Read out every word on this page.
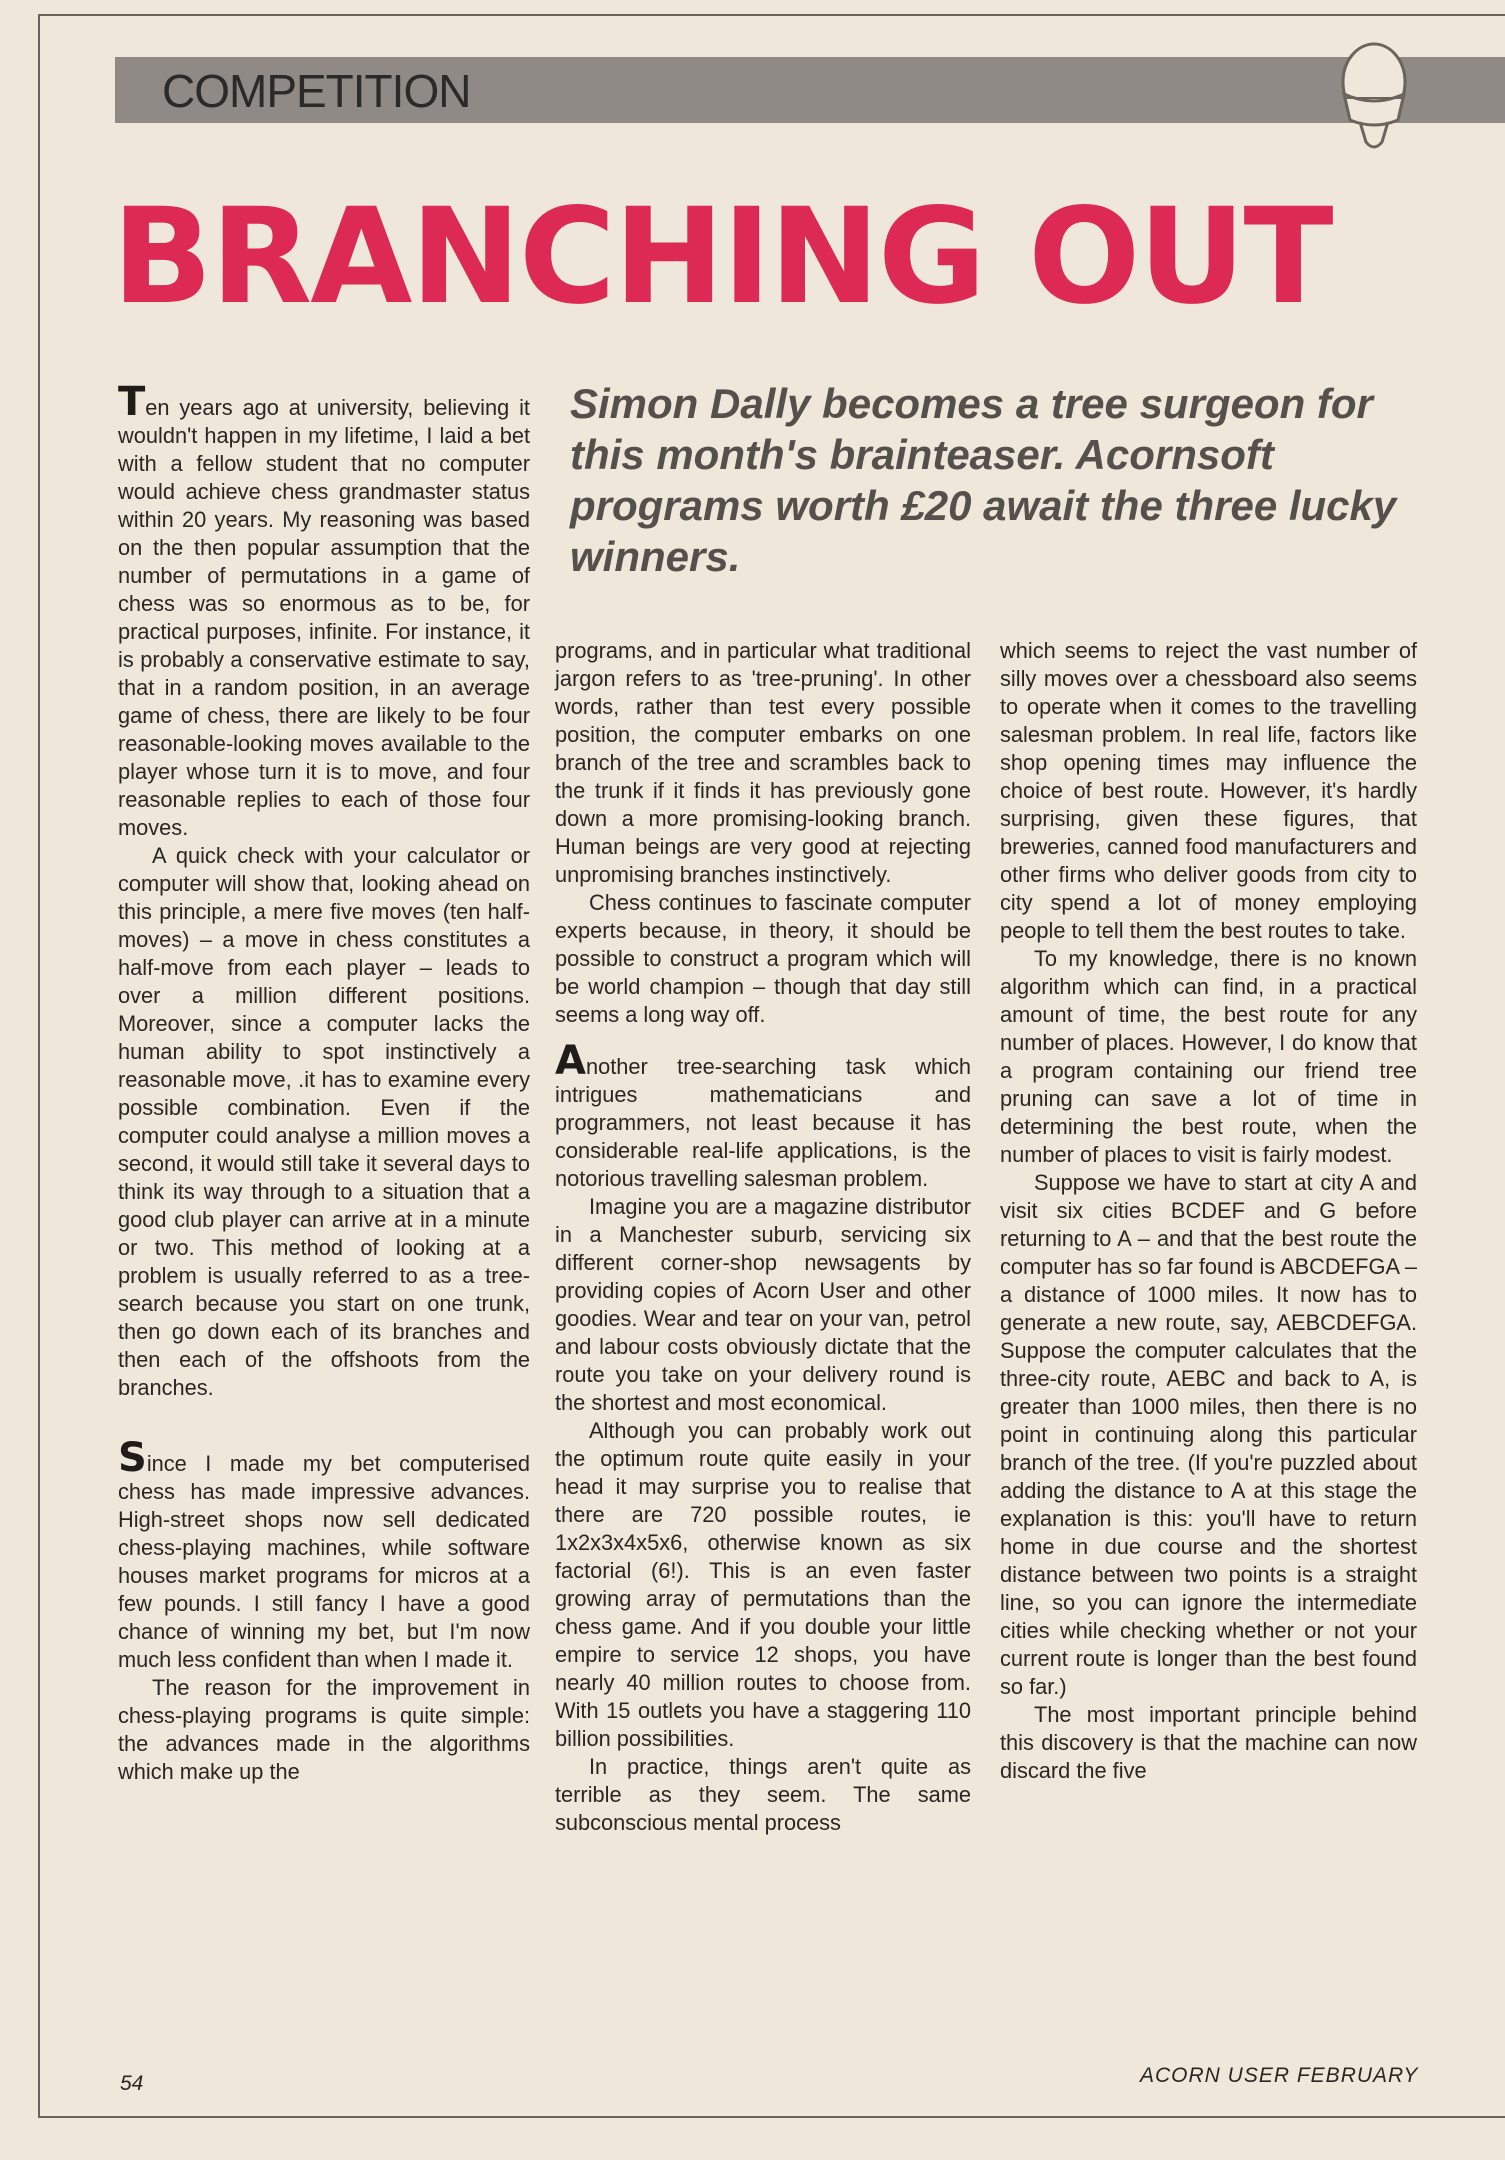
COMPETITION
BRANCHING OUT

Simon Dally becomes a tree surgeon for this month's brainteaser. Acornsoft programs worth £20 await the three lucky winners.

Ten years ago at university, believing it wouldn't happen in my lifetime, I laid a bet with a fellow student that no computer would achieve chess grandmaster status within 20 years. My reasoning was based on the then popular assumption that the number of permutations in a game of chess was so enormous as to be, for practical purposes, infinite. For instance, it is probably a conservative estimate to say, that in a random position, in an average game of chess, there are likely to be four reasonable-looking moves available to the player whose turn it is to move, and four reasonable replies to each of those four moves.

A quick check with your calculator or computer will show that, looking ahead on this principle, a mere five moves (ten half-moves) – a move in chess constitutes a half-move from each player – leads to over a million different positions. Moreover, since a computer lacks the human ability to spot instinctively a reasonable move, .it has to examine every possible combination. Even if the computer could analyse a million moves a second, it would still take it several days to think its way through to a situation that a good club player can arrive at in a minute or two. This method of looking at a problem is usually referred to as a tree-search because you start on one trunk, then go down each of its branches and then each of the offshoots from the branches.

Since I made my bet computerised chess has made impressive advances. High-street shops now sell dedicated chess-playing machines, while software houses market programs for micros at a few pounds. I still fancy I have a good chance of winning my bet, but I'm now much less confident than when I made it.

The reason for the improvement in chess-playing programs is quite simple: the advances made in the algorithms which make up the

programs, and in particular what traditional jargon refers to as 'tree-pruning'. In other words, rather than test every possible position, the computer embarks on one branch of the tree and scrambles back to the trunk if it finds it has previously gone down a more promising-looking branch. Human beings are very good at rejecting unpromising branches instinctively.

Chess continues to fascinate computer experts because, in theory, it should be possible to construct a program which will be world champion – though that day still seems a long way off.

Another tree-searching task which intrigues mathematicians and programmers, not least because it has considerable real-life applications, is the notorious travelling salesman problem.

Imagine you are a magazine distributor in a Manchester suburb, servicing six different corner-shop newsagents by providing copies of Acorn User and other goodies. Wear and tear on your van, petrol and labour costs obviously dictate that the route you take on your delivery round is the shortest and most economical.

Although you can probably work out the optimum route quite easily in your head it may surprise you to realise that there are 720 possible routes, ie 1x2x3x4x5x6, otherwise known as six factorial (6!). This is an even faster growing array of permutations than the chess game. And if you double your little empire to service 12 shops, you have nearly 40 million routes to choose from. With 15 outlets you have a staggering 110 billion possibilities.

In practice, things aren't quite as terrible as they seem. The same subconscious mental process

which seems to reject the vast number of silly moves over a chessboard also seems to operate when it comes to the travelling salesman problem. In real life, factors like shop opening times may influence the choice of best route. However, it's hardly surprising, given these figures, that breweries, canned food manufacturers and other firms who deliver goods from city to city spend a lot of money employing people to tell them the best routes to take.

To my knowledge, there is no known algorithm which can find, in a practical amount of time, the best route for any number of places. However, I do know that a program containing our friend tree pruning can save a lot of time in determining the best route, when the number of places to visit is fairly modest.

Suppose we have to start at city A and visit six cities BCDEF and G before returning to A – and that the best route the computer has so far found is ABCDEFGA – a distance of 1000 miles. It now has to generate a new route, say, AEBCDEFGA. Suppose the computer calculates that the three-city route, AEBC and back to A, is greater than 1000 miles, then there is no point in continuing along this particular branch of the tree. (If you're puzzled about adding the distance to A at this stage the explanation is this: you'll have to return home in due course and the shortest distance between two points is a straight line, so you can ignore the intermediate cities while checking whether or not your current route is longer than the best found so far.)

The most important principle behind this discovery is that the machine can now discard the five

54	ACORN USER FEBRUARY
